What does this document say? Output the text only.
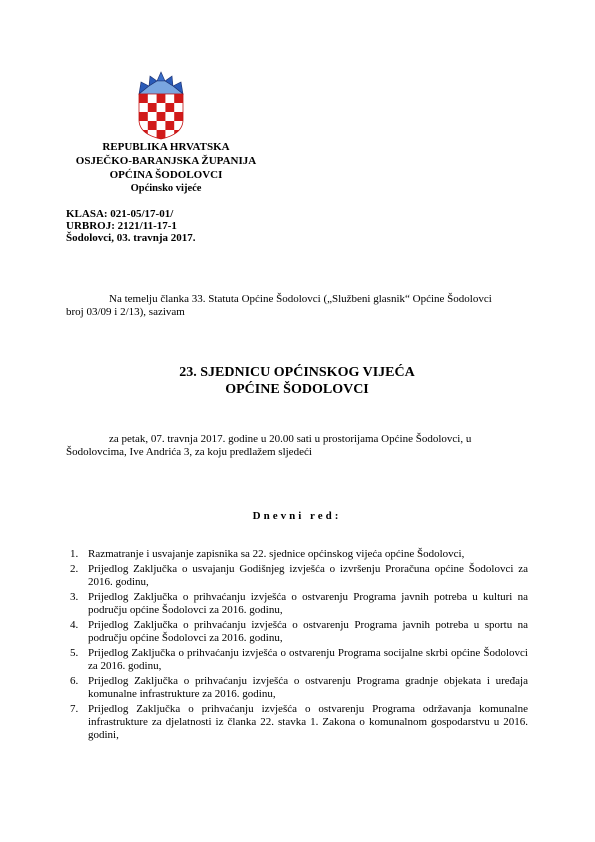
REPUBLIKA HRVATSKA
OSJEČKO-BARANJSKA ŽUPANIJA
OPĆINA ŠODOLOVCI
Općinsko vijeće
KLASA: 021-05/17-01/
URBROJ: 2121/11-17-1
Šodolovci, 03. travnja 2017.
Na temelju članka 33. Statuta Općine Šodolovci („Službeni glasnik“ Općine Šodolovci
broj 03/09 i 2/13), sazivam
23. SJEDNICU OPĆINSKOG VIJEĆA
OPĆINE ŠODOLOVCI
za petak, 07. travnja 2017. godine u 20.00 sati u prostorijama Općine Šodolovci, u
Šodolovcima, Ive Andrića 3, za koju predlažem sljedeći
Dnevni red:
1. Razmatranje i usvajanje zapisnika sa 22. sjednice općinskog vijeća općine Šodolovci,
2. Prijedlog Zaključka o usvajanju Godišnjeg izvješća o izvršenju Proračuna općine Šodolovci za 2016. godinu,
3. Prijedlog Zaključka o prihvaćanju izvješća o ostvarenju Programa javnih potreba u kulturi na području općine Šodolovci za 2016. godinu,
4. Prijedlog Zaključka o prihvaćanju izvješća o ostvarenju Programa javnih potreba u sportu na području općine Šodolovci za 2016. godinu,
5. Prijedlog Zaključka o prihvaćanju izvješća o ostvarenju Programa socijalne skrbi općine Šodolovci za 2016. godinu,
6. Prijedlog Zaključka o prihvaćanju izvješća o ostvarenju Programa gradnje objekata i uređaja komunalne infrastrukture za 2016. godinu,
7. Prijedlog Zaključka o prihvaćanju izvješća o ostvarenju Programa održavanja komunalne infrastrukture za djelatnosti iz članka 22. stavka 1. Zakona o komunalnom gospodarstvu u 2016. godini,
